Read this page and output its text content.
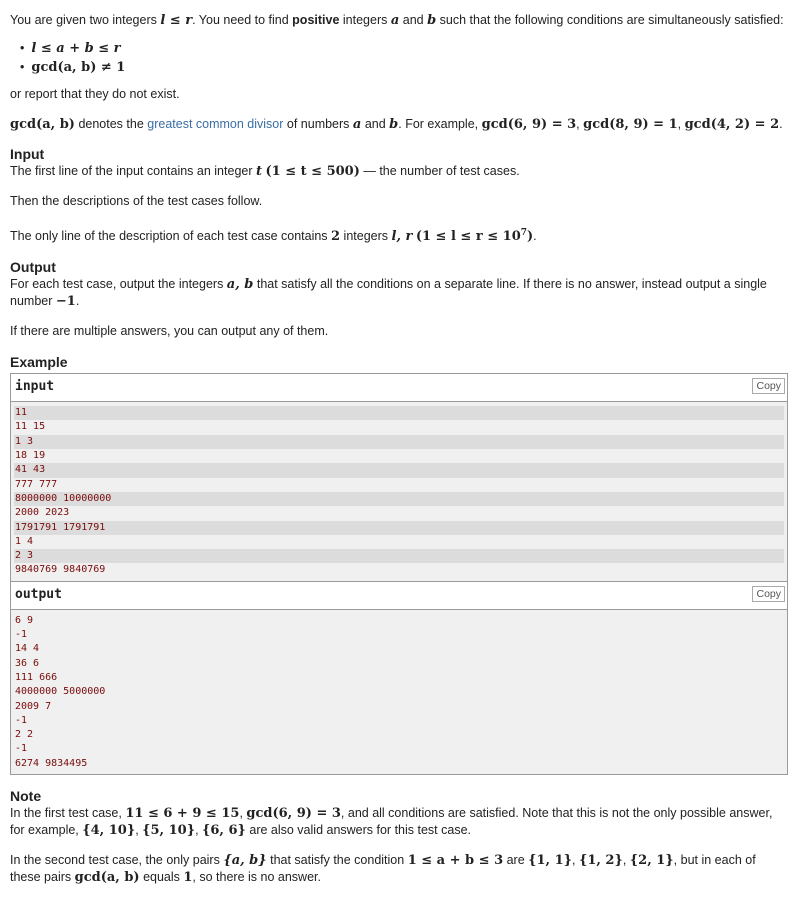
You are given two integers l ≤ r. You need to find positive integers a and b such that the following conditions are simultaneously satisfied:

• l ≤ a + b ≤ r
• gcd(a, b) ≠ 1

or report that they do not exist.

gcd(a, b) denotes the greatest common divisor of numbers a and b. For example, gcd(6, 9) = 3, gcd(8, 9) = 1, gcd(4, 2) = 2.

Input

The first line of the input contains an integer t (1 ≤ t ≤ 500) — the number of test cases.

Then the descriptions of the test cases follow.

The only line of the description of each test case contains 2 integers l, r $(1 \le l \le r \le 10^7)$.

Output

For each test case, output the integers a, b that satisfy all the conditions on a separate line. If there is no answer, instead output a single number −1.

If there are multiple answers, you can output any of them.

Example
input	Copy
11
11 15
1 3
18 19
41 43
777 777
8000000 10000000
2000 2023
1791791 1791791
1 4
2 3
9840769 9840769
output	Copy
6 9
-1
14 4
36 6
111 666
4000000 5000000
2009 7
-1
2 2
-1
6274 9834495
Note

In the first test case, 11 ≤ 6 + 9 ≤ 15, gcd(6, 9) = 3, and all conditions are satisfied. Note that this is not the only possible answer, for example, {4, 10}, {5, 10}, {6, 6} are also valid answers for this test case.

In the second test case, the only pairs {a, b} that satisfy the condition 1 ≤ a + b ≤ 3 are {1, 1}, {1, 2}, {2, 1}, but in each of these pairs gcd(a, b) equals 1, so there is no answer.
